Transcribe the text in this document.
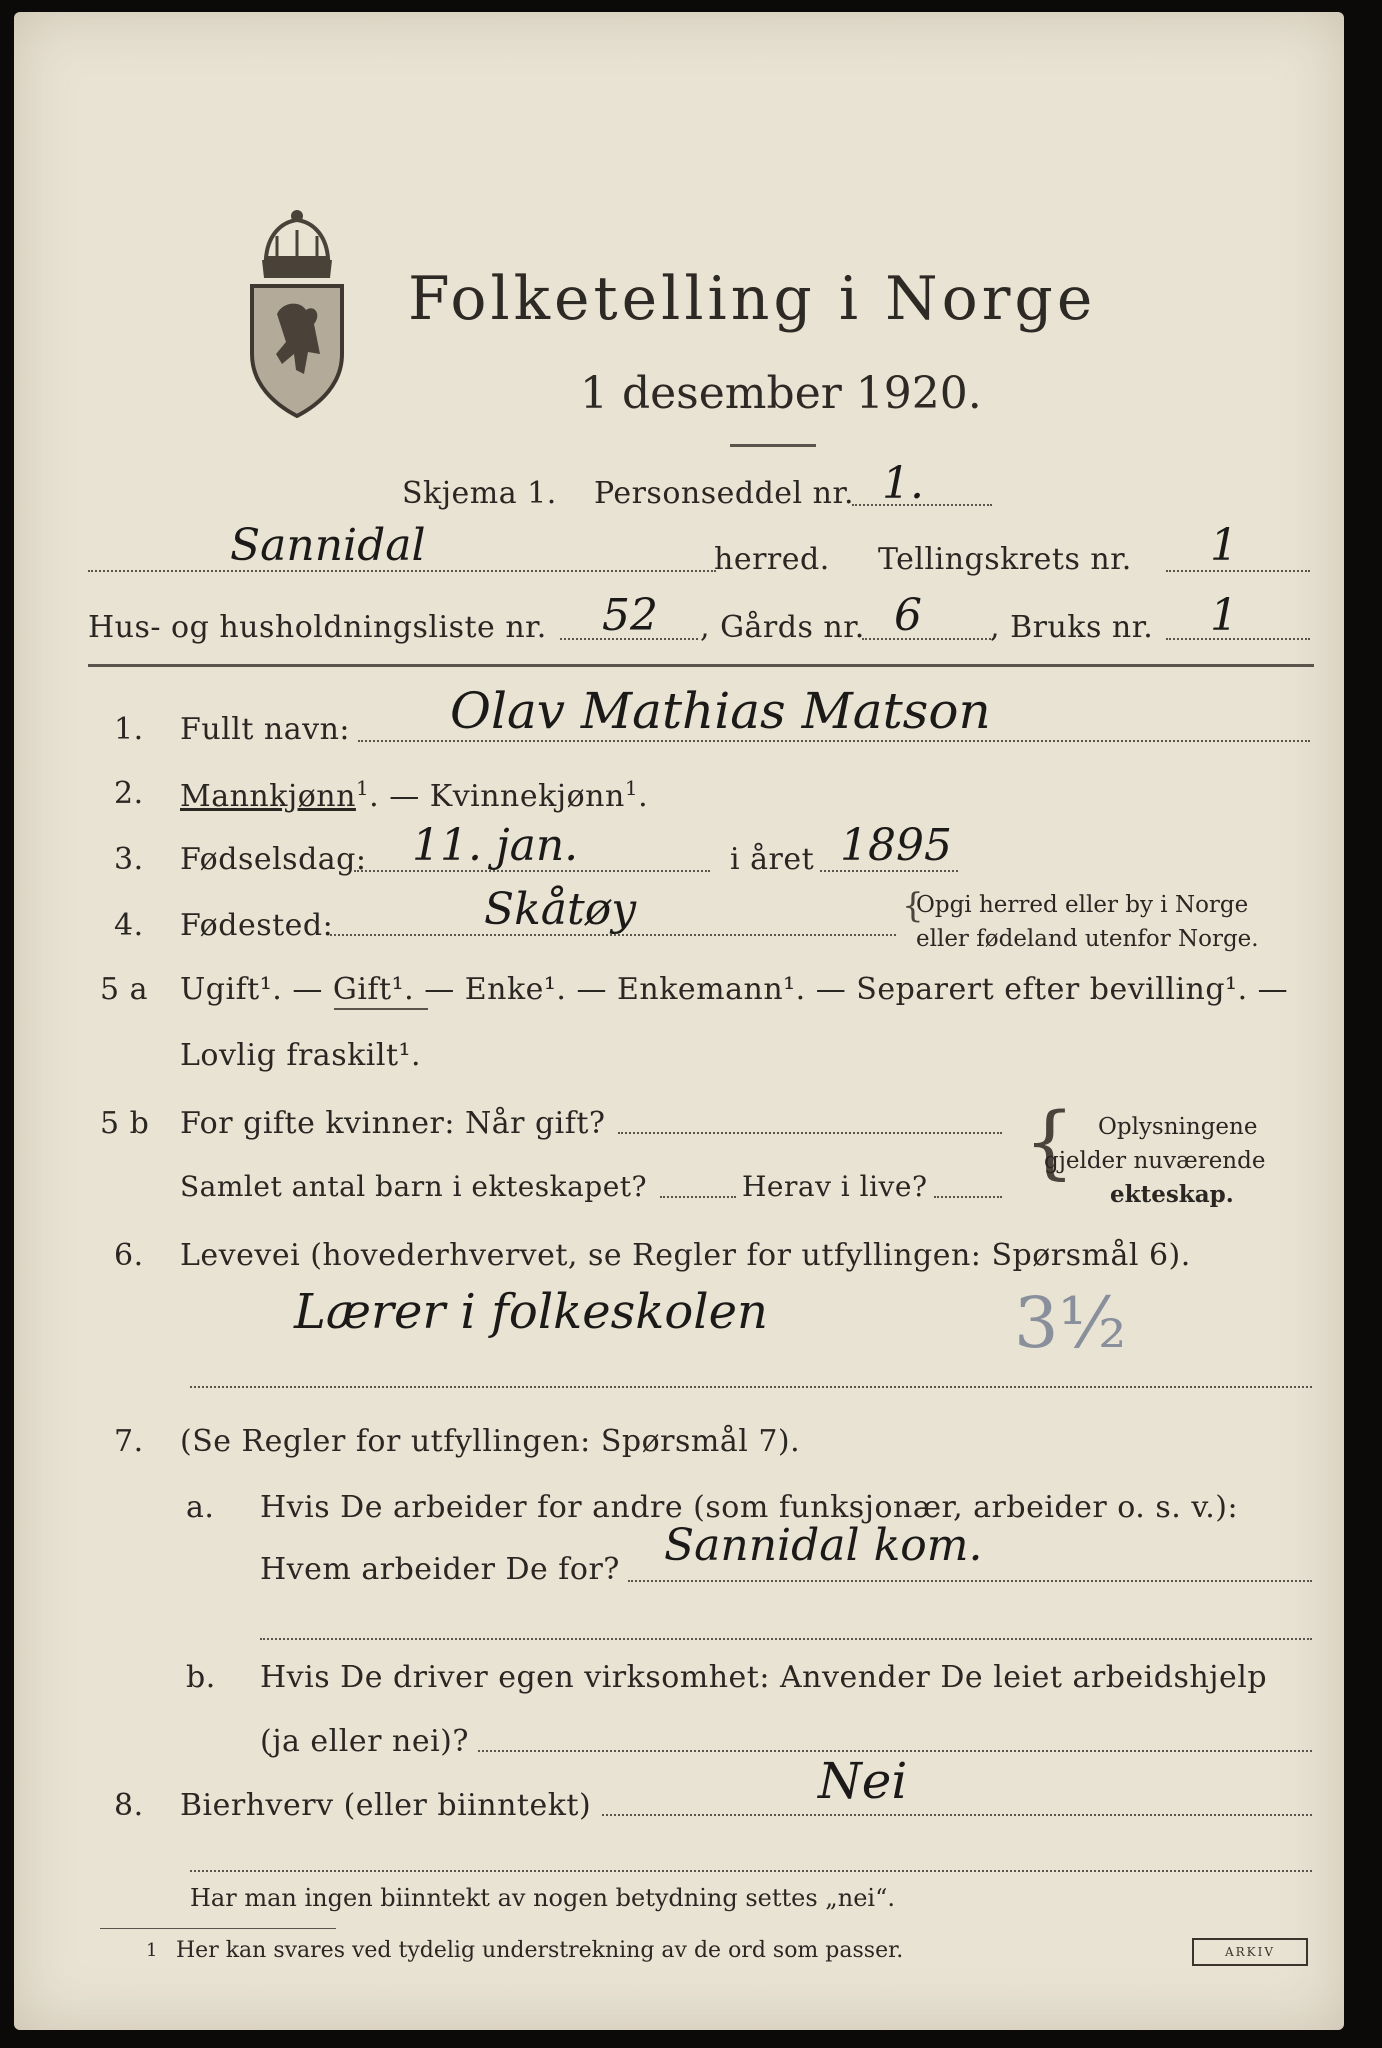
Folketelling i Norge
1 desember 1920.
Skjema 1. Personseddel nr. 1.
Sannidal	herred. Tellingskrets nr. 1
Hus- og husholdningsliste nr. 52 , Gårds nr. 6 , Bruks nr. 1
1. Fullt navn: Olav Mathias Matson
2. Mannkjønn$^1$. — Kvinnekjønn$^1$.
3. Fødselsdag: 11. jan.	i året 1895
4. Fødested:	Skåtøy	{
Opgi herred eller by i Norge
eller fødeland utenfor Norge.
5 a Ugift¹. — Gift¹. — Enke¹. — Enkemann¹. — Separert efter bevilling¹. —
Lovlig fraskilt¹.
5 b For gifte kvinner: Når gift?
Samlet antal barn i ekteskapet?	Herav i live? { Oplysningene
gjelder nuværende
ekteskap.
6. Levevei (hovederhvervet, se Regler for utfyllingen: Spørsmål 6).
Lærer i folkeskolen	3½
7. (Se Regler for utfyllingen: Spørsmål 7).
a. Hvis De arbeider for andre (som funksjonær, arbeider o. s. v.):
Hvem arbeider De for? Sannidal kom.
b. Hvis De driver egen virksomhet: Anvender De leiet arbeidshjelp
(ja eller nei)?
8. Bierhverv (eller biinntekt)	Nei
Har man ingen biinntekt av nogen betydning settes „nei“.
1 Her kan svares ved tydelig understrekning av de ord som passer.	ARKIV
